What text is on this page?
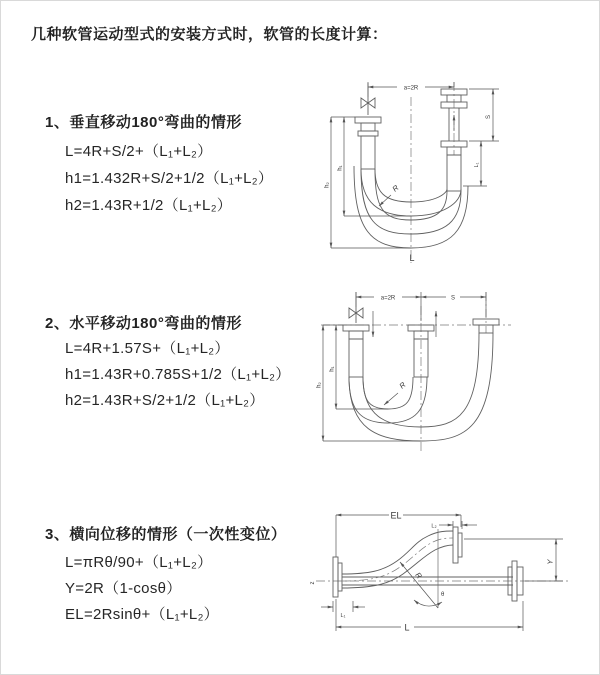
几种软管运动型式的安装方式时，软管的长度计算：
1、垂直移动180°弯曲的情形
L=4R+S/2+（L₁+L₂）
h1=1.432R+S/2+1/2（L₁+L₂）
h2=1.43R+1/2（L₁+L₂）
2、水平移动180°弯曲的情形
L=4R+1.57S+（L₁+L₂）
h1=1.43R+0.785S+1/2（L₁+L₂）
h2=1.43R+S/2+1/2（L₁+L₂）
3、横向位移的情形（一次性变位）
L=πRθ/90+（L₁+L₂）
Y=2R（1-cosθ）
EL=2Rsinθ+（L₁+L₂）
a=2R
h₁
h₂
S
L₁
R
L
a=2R	S
h₁
h₂	R
EL
L₂
Y
z
L₁
R
θ
L
